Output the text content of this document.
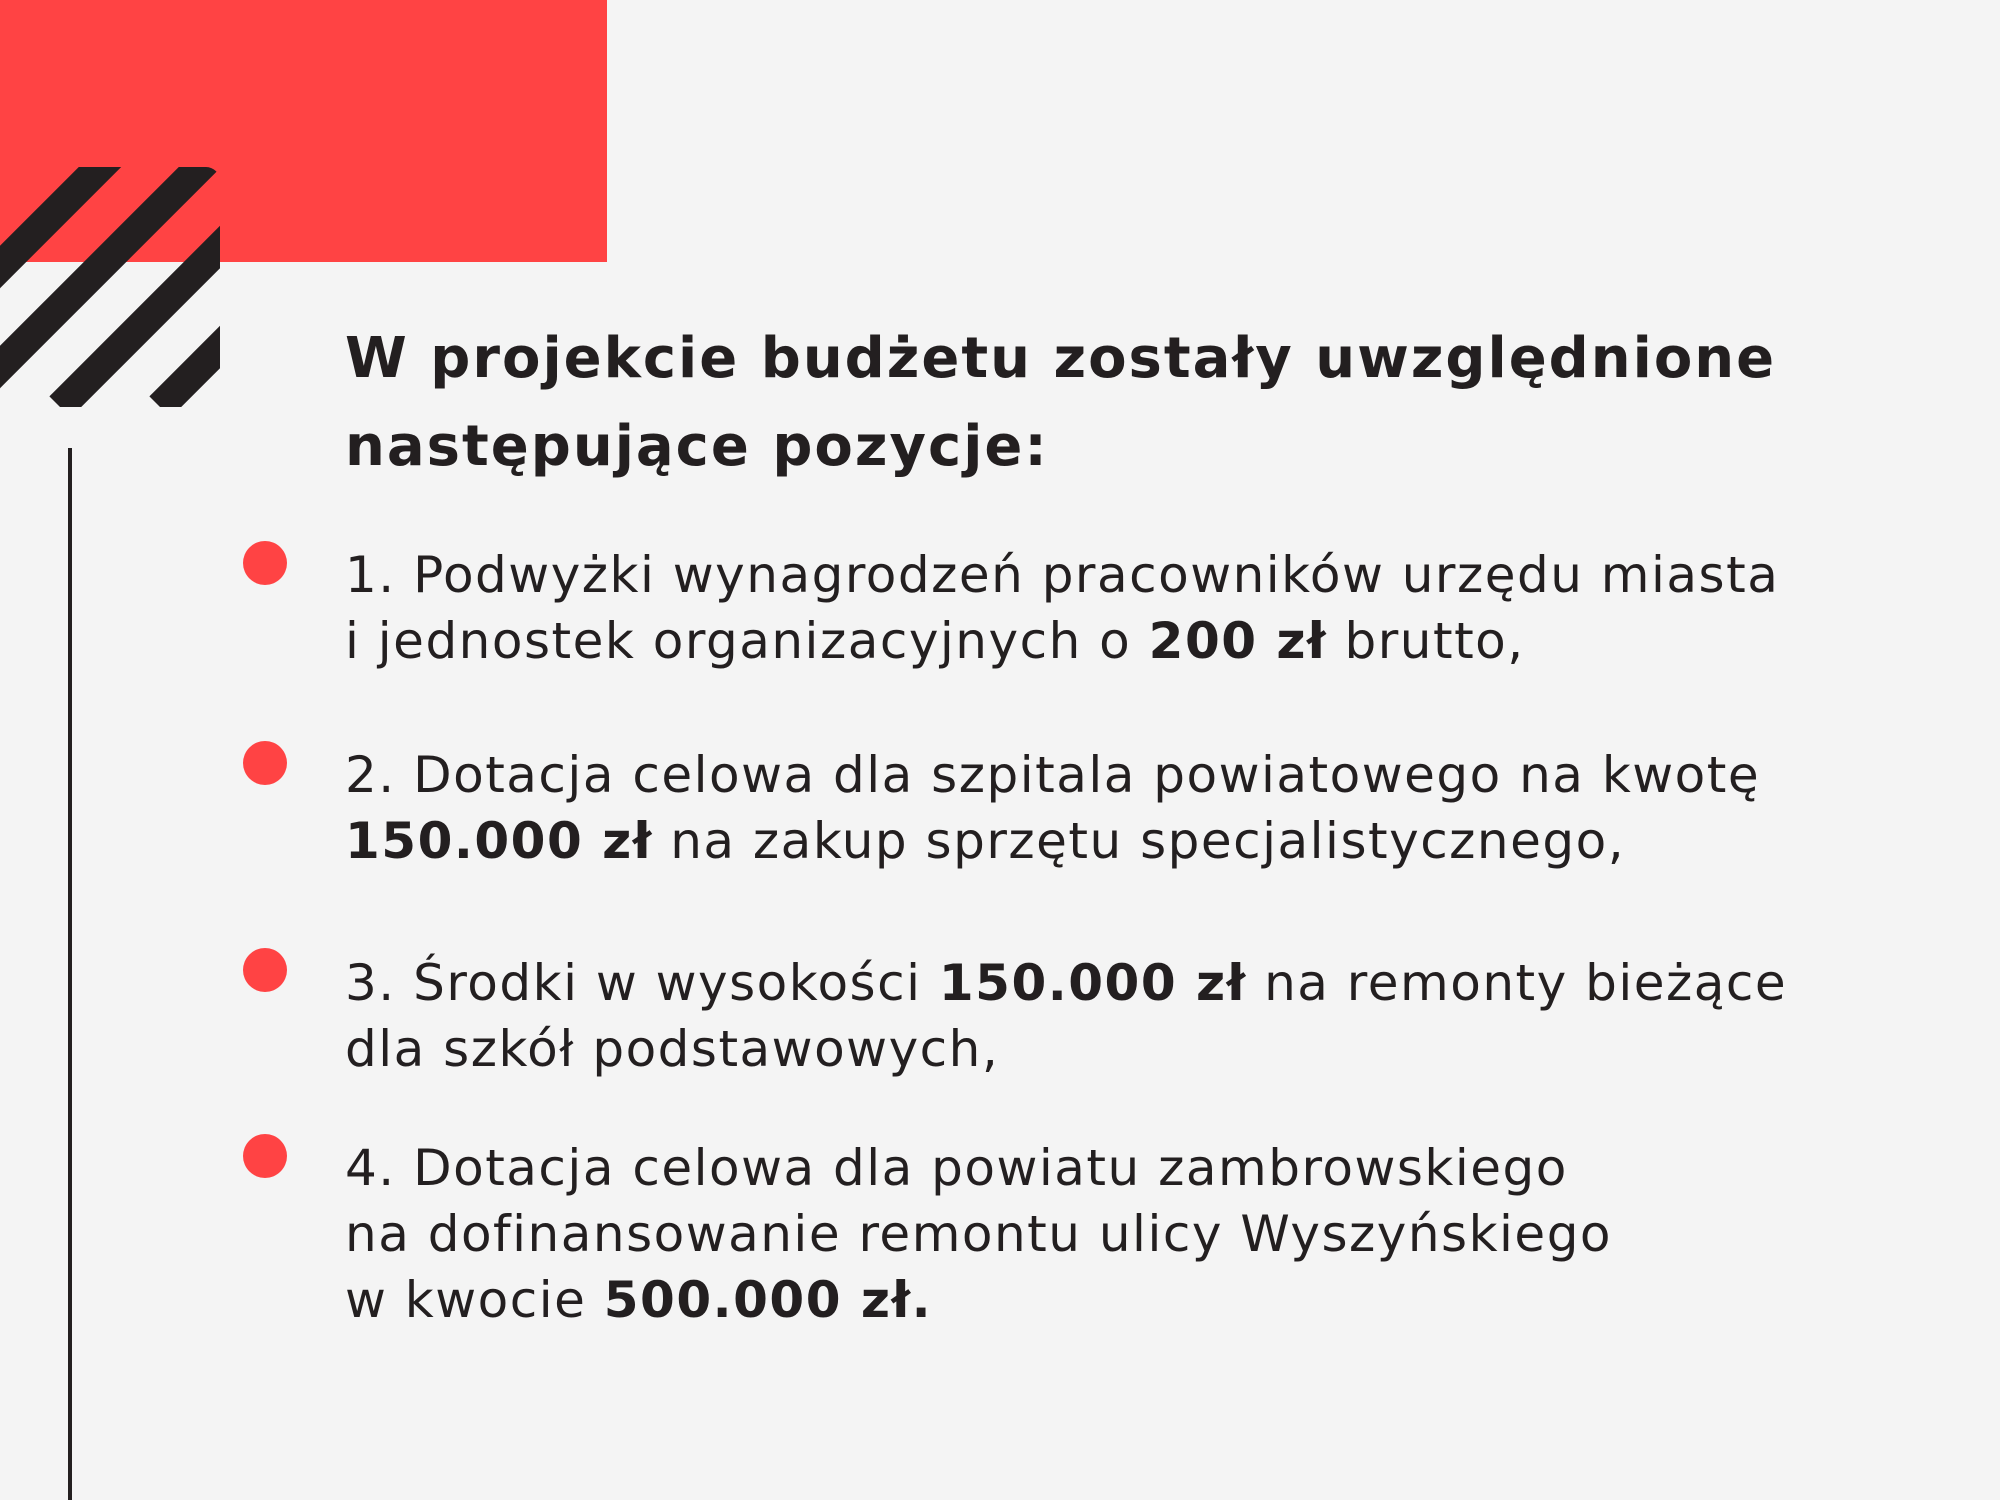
W projekcie budżetu zostały uwzględnione
następujące pozycje:
1. Podwyżki wynagrodzeń pracowników urzędu miasta
i jednostek organizacyjnych o 200 zł brutto,
2. Dotacja celowa dla szpitala powiatowego na kwotę
150.000 zł na zakup sprzętu specjalistycznego,
3. Środki w wysokości 150.000 zł na remonty bieżące
dla szkół podstawowych,
4. Dotacja celowa dla powiatu zambrowskiego
na dofinansowanie remontu ulicy Wyszyńskiego
w kwocie 500.000 zł.
